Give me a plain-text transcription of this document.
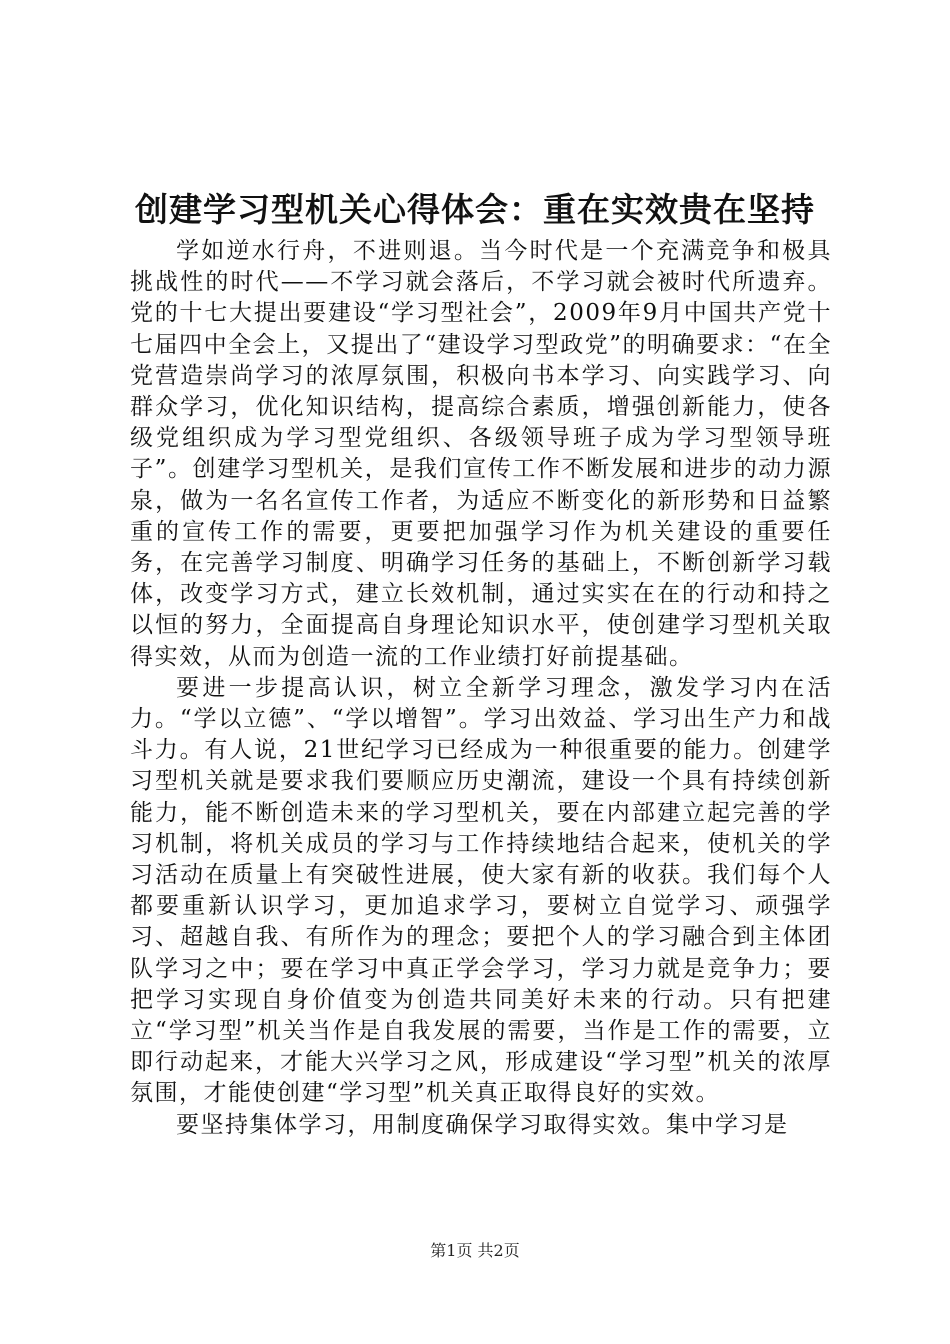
创建学习型机关心得体会：重在实效贵在坚持

学如逆水行舟，不进则退。当今时代是一个充满竞争和极具挑战性的时代——不学习就会落后，不学习就会被时代所遗弃。党的十七大提出要建设“学习型社会”，2009年9月中国共产党十七届四中全会上，又提出了“建设学习型政党”的明确要求：“在全党营造崇尚学习的浓厚氛围，积极向书本学习、向实践学习、向群众学习，优化知识结构，提高综合素质，增强创新能力，使各级党组织成为学习型党组织、各级领导班子成为学习型领导班子”。创建学习型机关，是我们宣传工作不断发展和进步的动力源泉，做为一名名宣传工作者，为适应不断变化的新形势和日益繁重的宣传工作的需要，更要把加强学习作为机关建设的重要任务，在完善学习制度、明确学习任务的基础上，不断创新学习载体，改变学习方式，建立长效机制，通过实实在在的行动和持之以恒的努力，全面提高自身理论知识水平，使创建学习型机关取得实效，从而为创造一流的工作业绩打好前提基础。

要进一步提高认识，树立全新学习理念，激发学习内在活力。“学以立德”、“学以增智”。学习出效益、学习出生产力和战斗力。有人说，21世纪学习已经成为一种很重要的能力。创建学习型机关就是要求我们要顺应历史潮流，建设一个具有持续创新能力，能不断创造未来的学习型机关，要在内部建立起完善的学习机制，将机关成员的学习与工作持续地结合起来，使机关的学习活动在质量上有突破性进展，使大家有新的收获。我们每个人都要重新认识学习，更加追求学习，要树立自觉学习、顽强学习、超越自我、有所作为的理念；要把个人的学习融合到主体团队学习之中；要在学习中真正学会学习，学习力就是竞争力；要把学习实现自身价值变为创造共同美好未来的行动。只有把建立“学习型”机关当作是自我发展的需要，当作是工作的需要，立即行动起来，才能大兴学习之风，形成建设“学习型”机关的浓厚氛围，才能使创建“学习型”机关真正取得良好的实效。

要坚持集体学习，用制度确保学习取得实效。集中学习是

第1页 共2页
